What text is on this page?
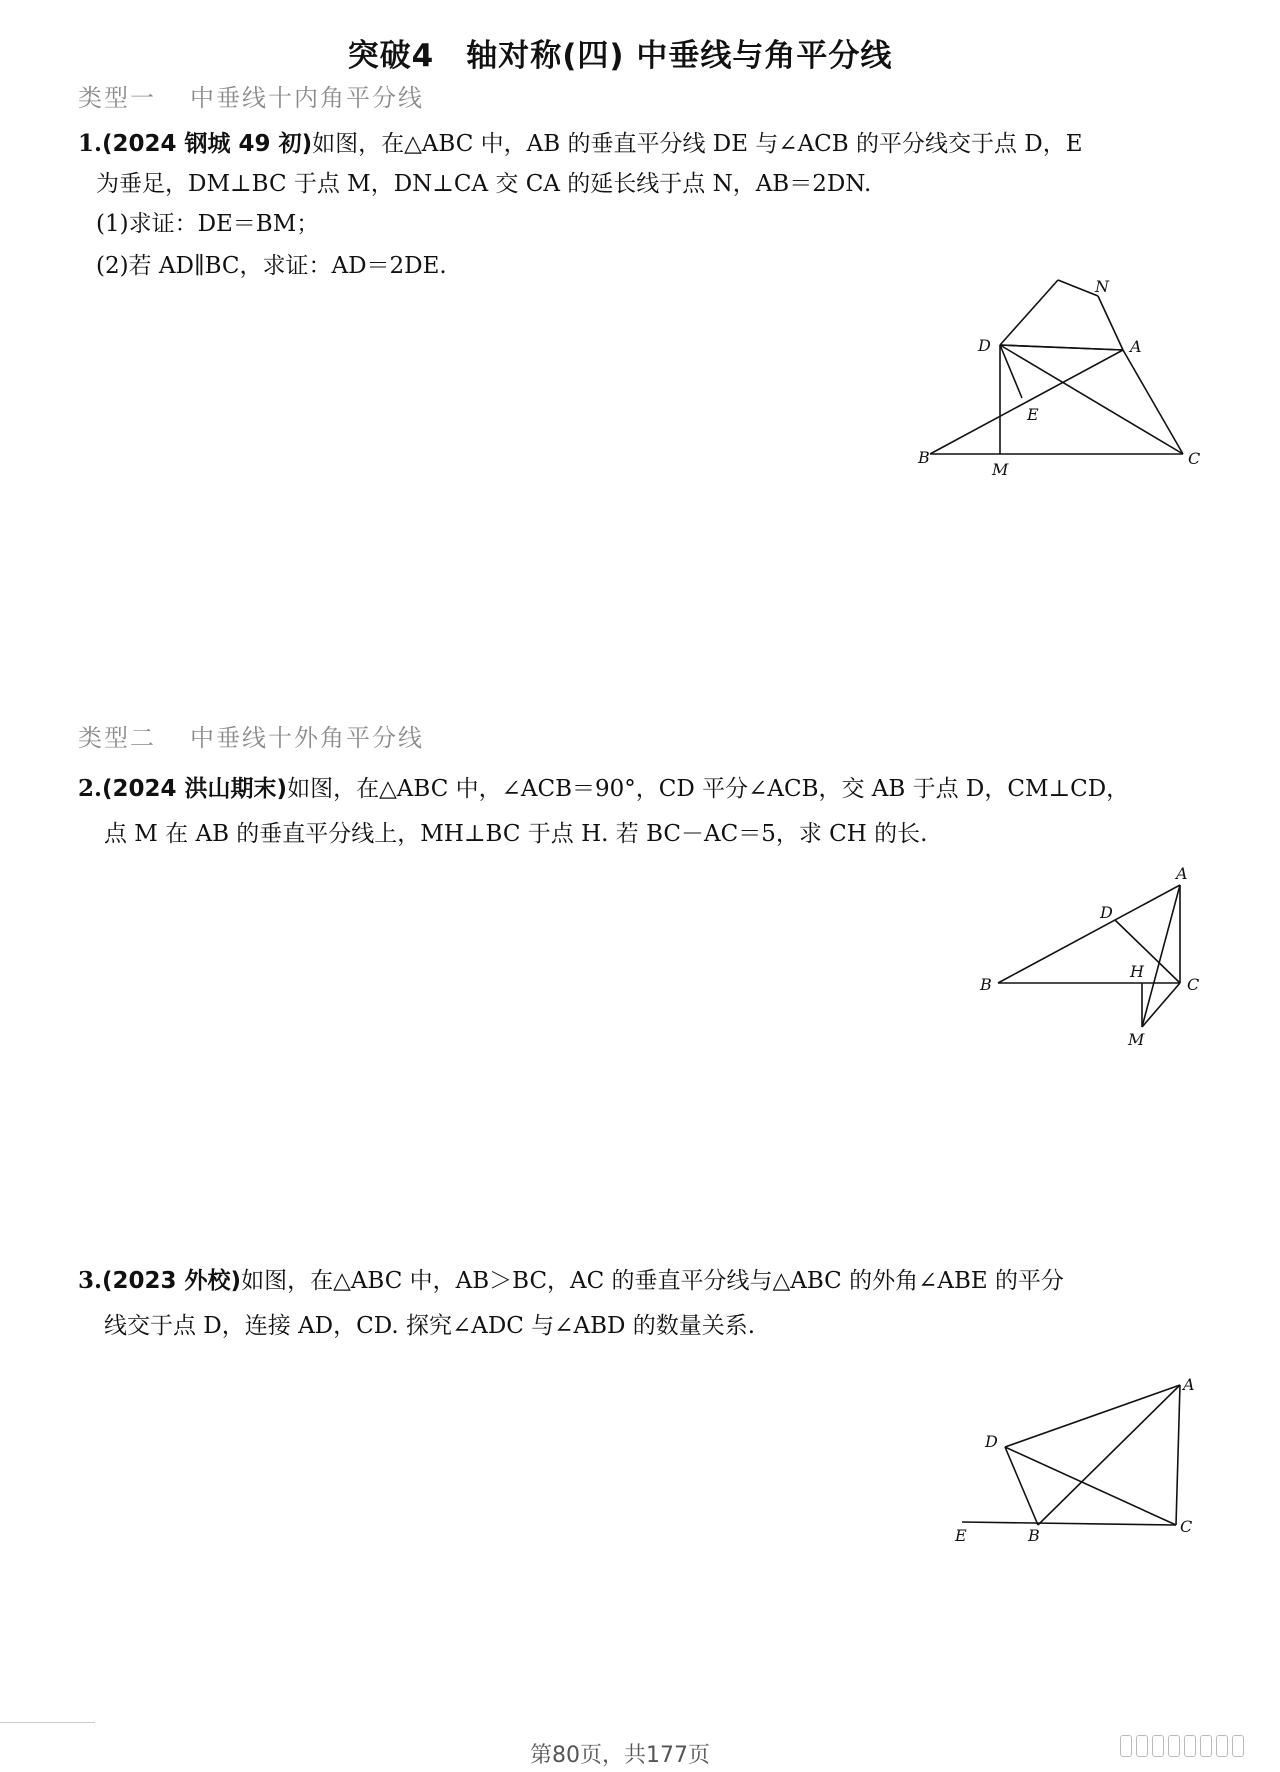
突破4　轴对称(四) 中垂线与角平分线
类型一 中垂线十内角平分线
1.(2024 钢城 49 初)如图，在△ABC 中，AB 的垂直平分线 DE 与∠ACB 的平分线交于点 D，E
为垂足，DM⊥BC 于点 M，DN⊥CA 交 CA 的延长线于点 N，AB＝2DN.
(1)求证：DE＝BM；
(2)若 AD∥BC，求证：AD＝2DE.
N
D	A
E
B
M
C
类型二 中垂线十外角平分线
2.(2024 洪山期末)如图，在△ABC 中，∠ACB＝90°，CD 平分∠ACB，交 AB 于点 D，CM⊥CD，
点 M 在 AB 的垂直平分线上，MH⊥BC 于点 H. 若 BC－AC＝5，求 CH 的长.
A
D
B
H
C
M
3.(2023 外校)如图，在△ABC 中，AB＞BC，AC 的垂直平分线与△ABC 的外角∠ABE 的平分
线交于点 D，连接 AD，CD. 探究∠ADC 与∠ABD 的数量关系.
A
D
E	B	C
第80页，共177页
